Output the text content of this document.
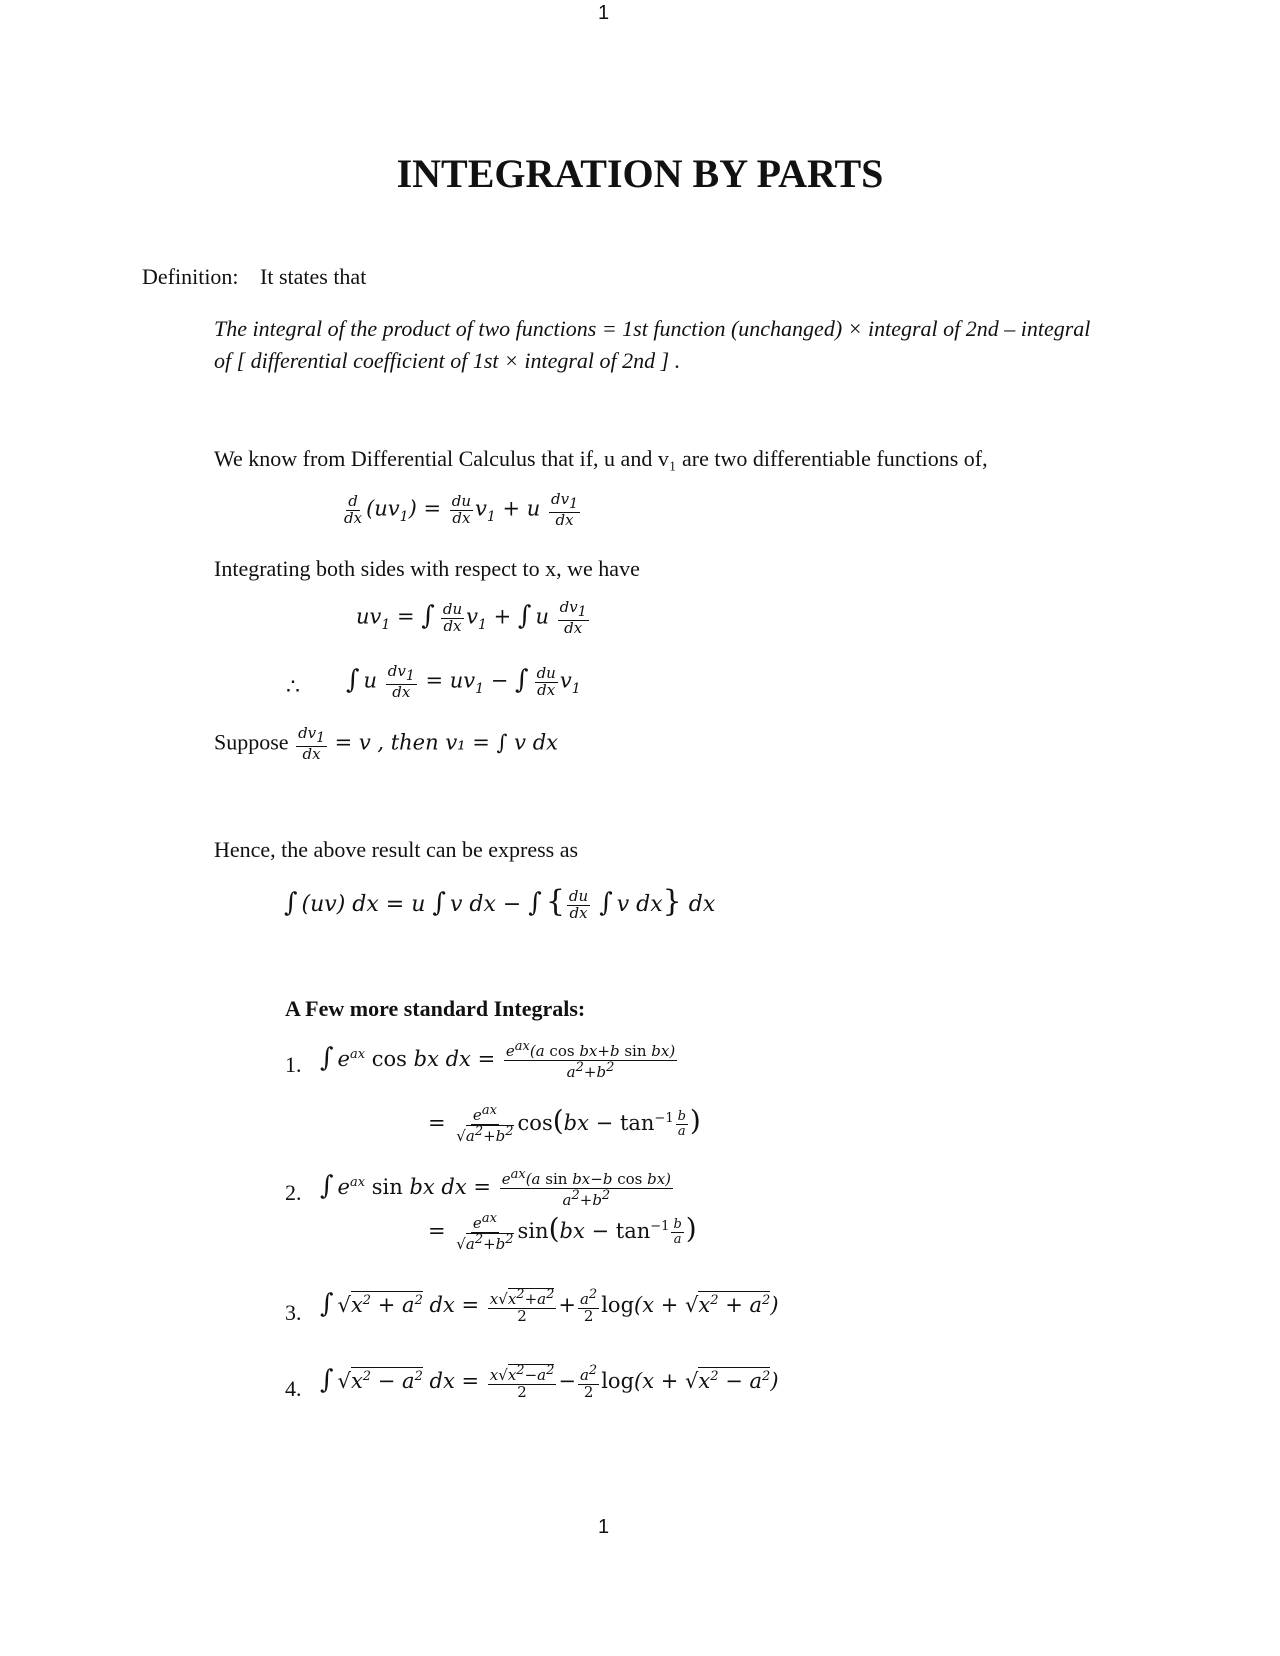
1
INTEGRATION BY PARTS
Definition: It states that
The integral of the product of two functions = 1st function (unchanged) × integral of 2nd – integral
of [ differential coefficient of 1st × integral of 2nd ] .
We know from Differential Calculus that if, u and v₁ are two differentiable functions of,
$\frac{d}{dx} (uv_1) = \frac{du}{dx} v_1 + u \frac{dv1}{dx}$
Integrating both sides with respect to x, we have
$uv_1$ = ∫ $\frac{du}{dx} v_1$ + ∫ u $\frac{dv1}{dx}$
∴ ∫ u $\frac{dv1}{dx} = uv_1$ − ∫ $\frac{du}{dx} v_1$
Suppose $\frac{dv1}{dx} = v$ , then v₁ = ∫ v dx
Hence, the above result can be express as
∫ (uv) dx = u ∫ v dx − ∫ { $\frac{du}{dx}$ ∫ v dx} dx
A Few more standard Integrals:
1. ∫ $e^{ax}$ cos bx dx = $\frac{\text{eax(a cos bx+b sin bx)}}{a2+b2}$
= $\frac{\text{eax}}{√a2+b2} \cos(bx - \tan^{-1} \frac{b}{a}$ )
2. ∫ $e^{ax}$ sin bx dx = $\frac{\text{eax(a sin bx−b cos bx)}}{a2+b2}$
= $\frac{\text{eax}}{√a2+b2} \sin(bx - \tan^{-1} \frac{b}{a}$ )
3. ∫ $√x^2 + a^2$ dx = $\frac{x√x2+a2}{2} + \frac{a2}{2} \log(x + √x^2 + a^2)$
4. ∫ $√x^2 - a^2$ dx = $\frac{x√x2-a2}{2} - \frac{a2}{2} \log(x + √x^2 - a^2)$
1
